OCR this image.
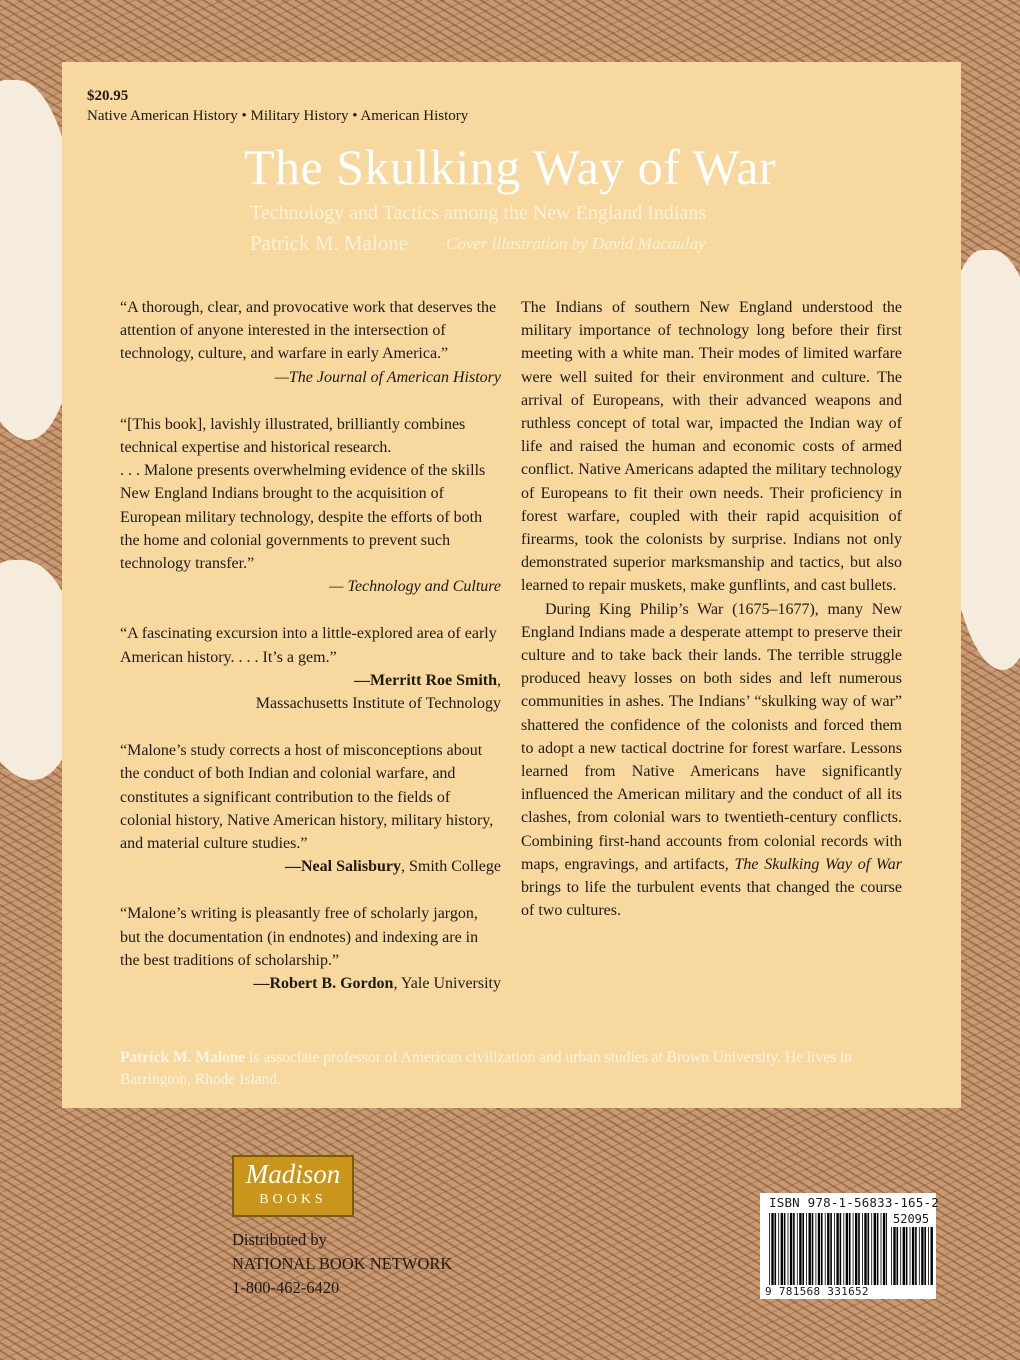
$20.95

Native American History • Military History • American History

The Skulking Way of War

Technology and Tactics among the New England Indians

Patrick M. Malone Cover illustration by David Macaulay

“A thorough, clear, and provocative work that deserves the attention of anyone interested in the intersection of technology, culture, and warfare in early America.”

—The Journal of American History

“[This book], lavishly illustrated, brilliantly combines technical expertise and historical research.

. . . Malone presents overwhelming evidence of the skills New England Indians brought to the acquisition of European military technology, despite the efforts of both the home and colonial governments to prevent such technology transfer.”

— Technology and Culture

“A fascinating excursion into a little-explored area of early American history. . . . It’s a gem.”

—Merritt Roe Smith,

Massachusetts Institute of Technology

“Malone’s study corrects a host of misconceptions about the conduct of both Indian and colonial warfare, and constitutes a significant contribution to the fields of colonial history, Native American history, military history, and material culture studies.”

—Neal Salisbury, Smith College

“Malone’s writing is pleasantly free of scholarly jargon, but the documentation (in endnotes) and indexing are in the best traditions of scholarship.”

—Robert B. Gordon, Yale University

The Indians of southern New England understood the military importance of technology long before their first meeting with a white man. Their modes of limited warfare were well suited for their environment and culture. The arrival of Europeans, with their advanced weapons and ruthless concept of total war, impacted the Indian way of life and raised the human and economic costs of armed conflict. Native Americans adapted the military technology of Europeans to fit their own needs. Their proficiency in forest warfare, coupled with their rapid acquisition of firearms, took the colonists by surprise. Indians not only demonstrated superior marksmanship and tactics, but also learned to repair muskets, make gunflints, and cast bullets.

During King Philip’s War (1675–1677), many New England Indians made a desperate attempt to preserve their culture and to take back their lands. The terrible struggle produced heavy losses on both sides and left numerous communities in ashes. The Indians’ “skulking way of war” shattered the confidence of the colonists and forced them to adopt a new tactical doctrine for forest warfare. Lessons learned from Native Americans have significantly influenced the American military and the conduct of all its clashes, from colonial wars to twentieth-century conflicts. Combining first-hand accounts from colonial records with maps, engravings, and artifacts, The Skulking Way of War brings to life the turbulent events that changed the course of two cultures.

Patrick M. Malone is associate professor of American civilization and urban studies at Brown University. He lives in Barrington, Rhode Island.

Madison
BOOKS
Distributed by
NATIONAL BOOK NETWORK
1-800-462-6420
ISBN 978-1-56833-165-2
52095
9 781568 331652
